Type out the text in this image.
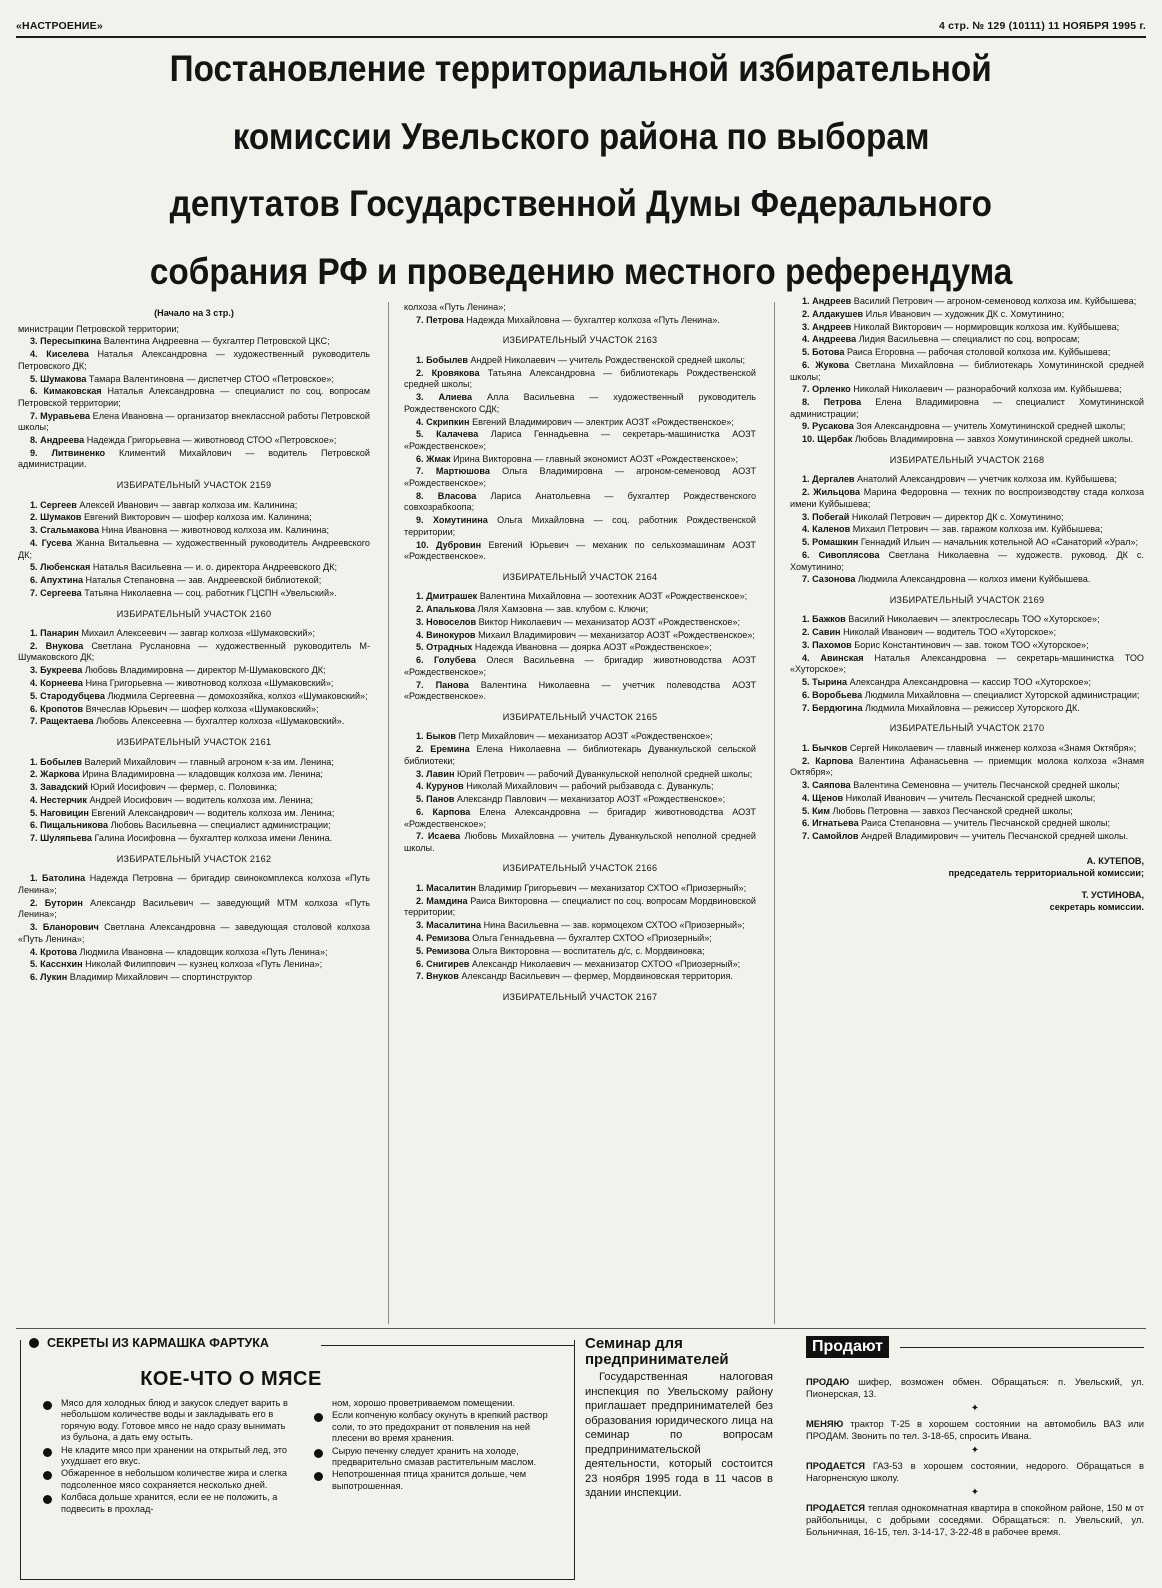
«НАСТРОЕНИЕ»	4 стр. № 129 (10111) 11 НОЯБРЯ 1995 г.
Постановление территориальной избирательной
комиссии Увельского района по выборам
депутатов Государственной Думы Федерального
собрания РФ и проведению местного референдума
(Начало на 3 стр.)

министрации Петровской территории;

3. Пересыпкина Валентина Андреевна — бухгалтер Петровской ЦКС;

4. Киселева Наталья Александровна — художественный руководитель Петровского ДК;

5. Шумакова Тамара Валентиновна — диспетчер СТОО «Петровское»;

6. Кимаковская Наталья Александровна — специалист по соц. вопросам Петровской территории;

7. Муравьева Елена Ивановна — организатор внеклассной работы Петровской школы;

8. Андреева Надежда Григорьевна — животновод СТОО «Петровское»;

9. Литвиненко Климентий Михайлович — водитель Петровской администрации.

ИЗБИРАТЕЛЬНЫЙ УЧАСТОК 2159

1. Сергеев Алексей Иванович — завгар колхоза им. Калинина;

2. Шумаков Евгений Викторович — шофер колхоза им. Калинина;

3. Сгальмакова Нина Ивановна — животновод колхоза им. Калинина;

4. Гусева Жанна Витальевна — художественный руководитель Андреевского ДК;

5. Любенская Наталья Васильевна — и. о. директора Андреевского ДК;

6. Апухтина Наталья Степановна — зав. Андреевской библиотекой;

7. Сергеева Татьяна Николаевна — соц. работник ГЦСПН «Увельский».

ИЗБИРАТЕЛЬНЫЙ УЧАСТОК 2160

1. Панарин Михаил Алексеевич — завгар колхоза «Шумаковский»;

2. Внукова Светлана Руслановна — художественный руководитель М-Шумаковского ДК;

3. Букреева Любовь Владимировна — директор М-Шумаковского ДК;

4. Корнеева Нина Григорьевна — животновод колхоза «Шумаковский»;

5. Стародубцева Людмила Сергеевна — домохозяйка, колхоз «Шумаковский»;

6. Кропотов Вячеслав Юрьевич — шофер колхоза «Шумаковский»;

7. Ращектаева Любовь Алексеевна — бухгалтер колхоза «Шумаковский».

ИЗБИРАТЕЛЬНЫЙ УЧАСТОК 2161

1. Бобылев Валерий Михайлович — главный агроном к-за им. Ленина;

2. Жаркова Ирина Владимировна — кладовщик колхоза им. Ленина;

3. Завадский Юрий Иосифович — фермер, с. Половинка;

4. Нестерчик Андрей Иосифович — водитель колхоза им. Ленина;

5. Наговицин Евгений Александрович — водитель колхоза им. Ленина;

6. Пищальникова Любовь Васильевна — специалист администрации;

7. Шуляпьева Галина Иосифовна — бухгалтер колхоза имени Ленина.

ИЗБИРАТЕЛЬНЫЙ УЧАСТОК 2162

1. Батолина Надежда Петровна — бригадир свинокомплекса колхоза «Путь Ленина»;

2. Буторин Александр Васильевич — заведующий МТМ колхоза «Путь Ленина»;

3. Бланорович Светлана Александровна — заведующая столовой колхоза «Путь Ленина»;

4. Кротова Людмила Ивановна — кладовщик колхоза «Путь Ленина»;

5. Касснхин Николай Филиппович — кузнец колхоза «Путь Ленина»;

6. Лукин Владимир Михайлович — спортинструктор

колхоза «Путь Ленина»;

7. Петрова Надежда Михайловна — бухгалтер колхоза «Путь Ленина».

ИЗБИРАТЕЛЬНЫЙ УЧАСТОК 2163

1. Бобылев Андрей Николаевич — учитель Рождественской средней школы;

2. Кровякова Татьяна Александровна — библиотекарь Рождественской средней школы;

3. Алиева Алла Васильевна — художественный руководитель Рождественского СДК;

4. Скрипкин Евгений Владимирович — электрик АОЗТ «Рождественское»;

5. Калачева Лариса Геннадьевна — секретарь-машинистка АОЗТ «Рождественское»;

6. Жмак Ирина Викторовна — главный экономист АОЗТ «Рождественское»;

7. Мартюшова Ольга Владимировна — агроном-семеновод АОЗТ «Рождественское»;

8. Власова Лариса Анатольевна — бухгалтер Рождественского совхозрабкоопа;

9. Хомутинина Ольга Михайловна — соц. работник Рождественской территории;

10. Дубровин Евгений Юрьевич — механик по сельхозмашинам АОЗТ «Рождественское».

ИЗБИРАТЕЛЬНЫЙ УЧАСТОК 2164

1. Дмитрашек Валентина Михайловна — зоотехник АОЗТ «Рождественское»;

2. Апалькова Ляля Хамзовна — зав. клубом с. Ключи;

3. Новоселов Виктор Николаевич — механизатор АОЗТ «Рождественское»;

4. Винокуров Михаил Владимирович — механизатор АОЗТ «Рождественское»;

5. Отрадных Надежда Ивановна — доярка АОЗТ «Рождественское»;

6. Голубева Олеся Васильевна — бригадир животноводства АОЗТ «Рождественское»;

7. Панова Валентина Николаевна — учетчик полеводства АОЗТ «Рождественское».

ИЗБИРАТЕЛЬНЫЙ УЧАСТОК 2165

1. Быков Петр Михайлович — механизатор АОЗТ «Рождественское»;

2. Еремина Елена Николаевна — библиотекарь Дуванкульской сельской библиотеки;

3. Лавин Юрий Петрович — рабочий Дуванкульской неполной средней школы;

4. Курунов Николай Михайлович — рабочий рыбзавода с. Дуванкуль;

5. Панов Александр Павлович — механизатор АОЗТ «Рождественское»;

6. Карпова Елена Александровна — бригадир животноводства АОЗТ «Рождественское»;

7. Исаева Любовь Михайловна — учитель Дуванкульской неполной средней школы.

ИЗБИРАТЕЛЬНЫЙ УЧАСТОК 2166

1. Масалитин Владимир Григорьевич — механизатор СХТОО «Приозерный»;

2. Мамдина Раиса Викторовна — специалист по соц. вопросам Мордвиновской территории;

3. Масалитина Нина Васильевна — зав. кормоцехом СХТОО «Приозерный»;

4. Ремизова Ольга Геннадьевна — бухгалтер СХТОО «Приозерный»;

5. Ремизова Ольга Викторовна — воспитатель д/с, с. Мордвиновка;

6. Снигирев Александр Николаевич — механизатор СХТОО «Приозерный»;

7. Внуков Александр Васильевич — фермер, Мордвиновская территория.

ИЗБИРАТЕЛЬНЫЙ УЧАСТОК 2167

1. Андреев Василий Петрович — агроном-семеновод колхоза им. Куйбышева;

2. Алдакушев Илья Иванович — художник ДК с. Хомутинино;

3. Андреев Николай Викторович — нормировщик колхоза им. Куйбышева;

4. Андреева Лидия Васильевна — специалист по соц. вопросам;

5. Ботова Раиса Егоровна — рабочая столовой колхоза им. Куйбышева;

6. Жукова Светлана Михайловна — библиотекарь Хомутининской средней школы;

7. Орленко Николай Николаевич — разнорабочий колхоза им. Куйбышева;

8. Петрова Елена Владимировна — специалист Хомутининской администрации;

9. Русакова Зоя Александровна — учитель Хомутининской средней школы;

10. Щербак Любовь Владимировна — завхоз Хомутининской средней школы.

ИЗБИРАТЕЛЬНЫЙ УЧАСТОК 2168

1. Дергалев Анатолий Александрович — учетчик колхоза им. Куйбышева;

2. Жильцова Марина Федоровна — техник по воспроизводству стада колхоза имени Куйбышева;

3. Побегай Николай Петрович — директор ДК с. Хомутинино;

4. Каленов Михаил Петрович — зав. гаражом колхоза им. Куйбышева;

5. Ромашкин Геннадий Ильич — начальник котельной АО «Санаторий «Урал»;

6. Сивоплясова Светлана Николаевна — художеств. руковод. ДК с. Хомутинино;

7. Сазонова Людмила Александровна — колхоз имени Куйбышева.

ИЗБИРАТЕЛЬНЫЙ УЧАСТОК 2169

1. Бажков Василий Николаевич — электрослесарь ТОО «Хуторское»;

2. Савин Николай Иванович — водитель ТОО «Хуторское»;

3. Пахомов Борис Константинович — зав. током ТОО «Хуторское»;

4. Авинская Наталья Александровна — секретарь-машинистка ТОО «Хуторское»;

5. Тырина Александра Александровна — кассир ТОО «Хуторское»;

6. Воробьева Людмила Михайловна — специалист Хуторской администрации;

7. Бердюгина Людмила Михайловна — режиссер Хуторского ДК.

ИЗБИРАТЕЛЬНЫЙ УЧАСТОК 2170

1. Бычков Сергей Николаевич — главный инженер колхоза «Знамя Октября»;

2. Карпова Валентина Афанасьевна — приемщик молока колхоза «Знамя Октября»;

3. Саяпова Валентина Семеновна — учитель Песчанской средней школы;

4. Щенов Николай Иванович — учитель Песчанской средней школы;

5. Ким Любовь Петровна — завхоз Песчанской средней школы;

6. Игнатьева Раиса Степановна — учитель Песчанской средней школы;

7. Самойлов Андрей Владимирович — учитель Песчанской средней школы.

А. КУТЕПОВ,
председатель территориальной комиссии;
Т. УСТИНОВА,
секретарь комиссии.
СЕКРЕТЫ ИЗ КАРМАШКА ФАРТУКА
КОЕ-ЧТО О МЯСЕ

Мясо для холодных блюд и закусок следует варить в небольшом количестве воды и закладывать его в горячую воду. Готовое мясо не надо сразу вынимать из бульона, а дать ему остыть.

Не кладите мясо при хранении на открытый лед, это ухудшает его вкус.

Обжаренное в небольшом количестве жира и слегка подсоленное мясо сохраняется несколько дней.

Колбаса дольше хранится, если ее не положить, а подвесить в прохлад-

ном, хорошо проветриваемом помещении.

Если копченую колбасу окунуть в крепкий раствор соли, то это предохранит от появления на ней плесени во время хранения.

Сырую печенку следует хранить на холоде, предварительно смазав растительным маслом.

Непотрошенная птица хранится дольше, чем выпотрошенная.

Семинар для предпринимателей

Государственная налоговая инспекция по Увельскому району приглашает предпринимателей без образования юридического лица на семинар по вопросам предпринимательской деятельности, который состоится 23 ноября 1995 года в 11 часов в здании инспекции.

Продают

ПРОДАЮ шифер, возможен обмен. Обращаться: п. Увельский, ул. Пионерская, 13.

✦

МЕНЯЮ трактор Т-25 в хорошем состоянии на автомобиль ВАЗ или ПРОДАМ. Звонить по тел. 3-18-65, спросить Ивана.

✦

ПРОДАЕТСЯ ГАЗ-53 в хорошем состоянии, недорого. Обращаться в Нагорненскую школу.

✦

ПРОДАЕТСЯ теплая однокомнатная квартира в спокойном районе, 150 м от райбольницы, с добрыми соседями. Обращаться: п. Увельский, ул. Больничная, 16-15, тел. 3-14-17, 3-22-48 в рабочее время.
